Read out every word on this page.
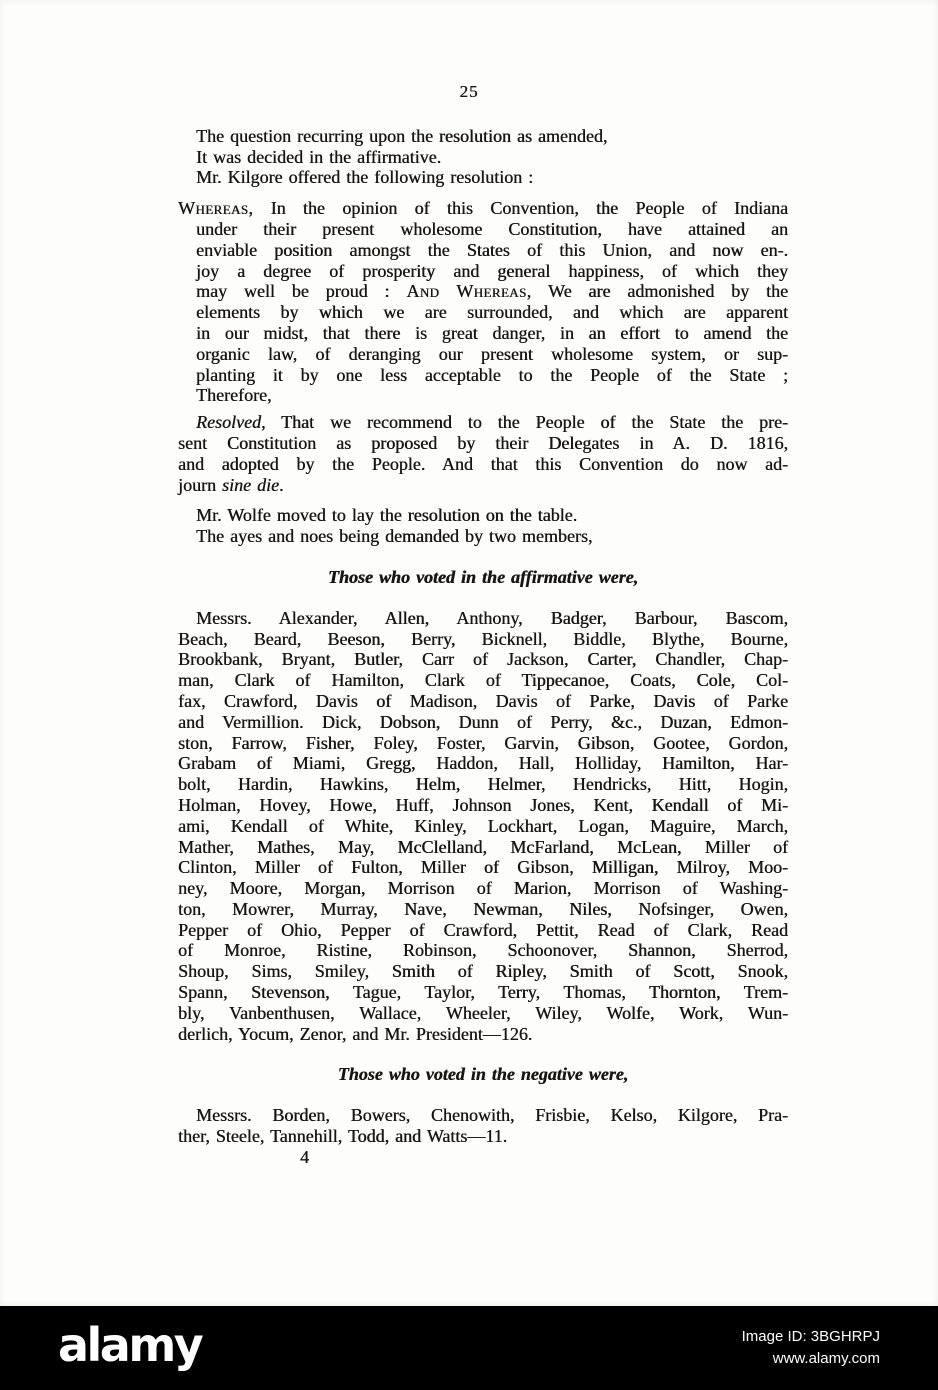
25
The question recurring upon the resolution as amended,
It was decided in the affirmative.
Mr. Kilgore offered the following resolution :
Whereas, In the opinion of this Convention, the People of Indiana
under their present wholesome Constitution, have attained an
enviable position amongst the States of this Union, and now en-.
joy a degree of prosperity and general happiness, of which they
may well be proud : And Whereas, We are admonished by the
elements by which we are surrounded, and which are apparent
in our midst, that there is great danger, in an effort to amend the
organic law, of deranging our present wholesome system, or sup-
planting it by one less acceptable to the People of the State ;
Therefore,
Resolved, That we recommend to the People of the State the pre-
sent Constitution as proposed by their Delegates in A. D. 1816,
and adopted by the People. And that this Convention do now ad-
journ sine die.
Mr. Wolfe moved to lay the resolution on the table.
The ayes and noes being demanded by two members,
Those who voted in the affirmative were,
Messrs. Alexander, Allen, Anthony, Badger, Barbour, Bascom,
Beach, Beard, Beeson, Berry, Bicknell, Biddle, Blythe, Bourne,
Brookbank, Bryant, Butler, Carr of Jackson, Carter, Chandler, Chap-
man, Clark of Hamilton, Clark of Tippecanoe, Coats, Cole, Col-
fax, Crawford, Davis of Madison, Davis of Parke, Davis of Parke
and Vermillion. Dick, Dobson, Dunn of Perry, &c., Duzan, Edmon-
ston, Farrow, Fisher, Foley, Foster, Garvin, Gibson, Gootee, Gordon,
Grabam of Miami, Gregg, Haddon, Hall, Holliday, Hamilton, Har-
bolt, Hardin, Hawkins, Helm, Helmer, Hendricks, Hitt, Hogin,
Holman, Hovey, Howe, Huff, Johnson Jones, Kent, Kendall of Mi-
ami, Kendall of White, Kinley, Lockhart, Logan, Maguire, March,
Mather, Mathes, May, McClelland, McFarland, McLean, Miller of
Clinton, Miller of Fulton, Miller of Gibson, Milligan, Milroy, Moo-
ney, Moore, Morgan, Morrison of Marion, Morrison of Washing-
ton, Mowrer, Murray, Nave, Newman, Niles, Nofsinger, Owen,
Pepper of Ohio, Pepper of Crawford, Pettit, Read of Clark, Read
of Monroe, Ristine, Robinson, Schoonover, Shannon, Sherrod,
Shoup, Sims, Smiley, Smith of Ripley, Smith of Scott, Snook,
Spann, Stevenson, Tague, Taylor, Terry, Thomas, Thornton, Trem-
bly, Vanbenthusen, Wallace, Wheeler, Wiley, Wolfe, Work, Wun-
derlich, Yocum, Zenor, and Mr. President—126.
Those who voted in the negative were,
Messrs. Borden, Bowers, Chenowith, Frisbie, Kelso, Kilgore, Pra-
ther, Steele, Tannehill, Todd, and Watts—11.
4
alamy	Image ID: 3BGHRPJ
www.alamy.com
